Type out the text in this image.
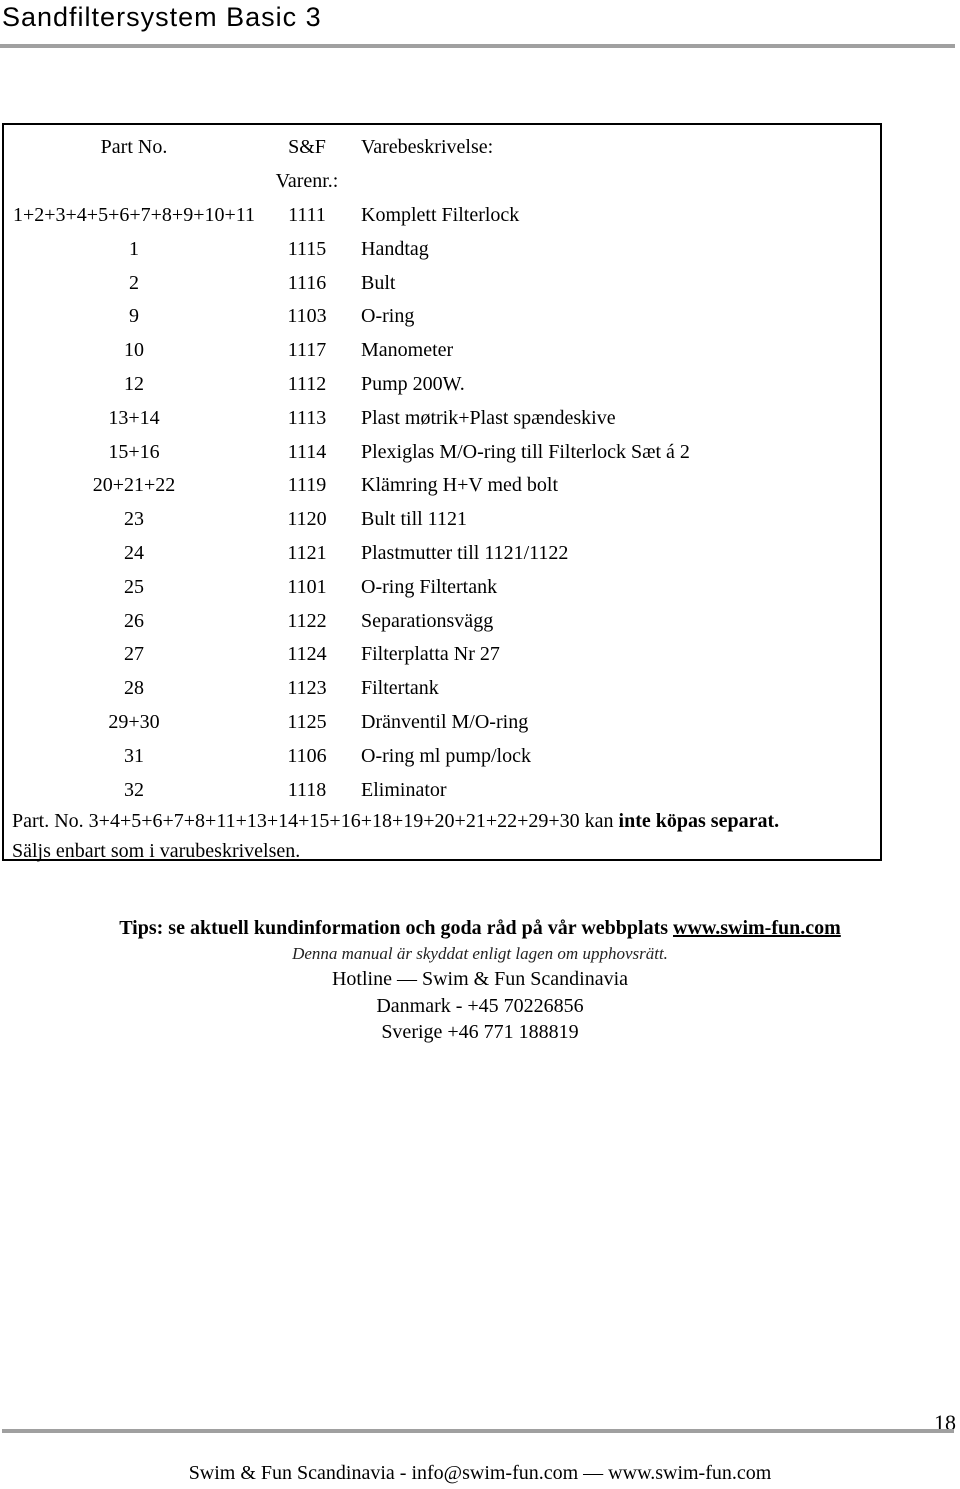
Sandfiltersystem Basic 3
Part No.	S&F	Varebeskrivelse:
Varenr.:
1+2+3+4+5+6+7+8+9+10+11	1111	Komplett Filterlock
1	1115	Handtag
2	1116	Bult
9	1103	O-ring
10	1117	Manometer
12	1112	Pump 200W.
13+14	1113	Plast møtrik+Plast spændeskive
15+16	1114	Plexiglas M/O-ring till Filterlock Sæt á 2
20+21+22	1119	Klämring H+V med bolt
23	1120	Bult till 1121
24	1121	Plastmutter till 1121/1122
25	1101	O-ring Filtertank
26	1122	Separationsvägg
27	1124	Filterplatta Nr 27
28	1123	Filtertank
29+30	1125	Dränventil M/O-ring
31	1106	O-ring ml pump/lock
32	1118	Eliminator
Part. No. 3+4+5+6+7+8+11+13+14+15+16+18+19+20+21+22+29+30 kan inte köpas separat.
Säljs enbart som i varubeskrivelsen.
Tips: se aktuell kundinformation och goda råd på vår webbplats www.swim-fun.com
Denna manual är skyddat enligt lagen om upphovsrätt.
Hotline — Swim & Fun Scandinavia
Danmark - +45 70226856
Sverige +46 771 188819
18
Swim & Fun Scandinavia - info@swim-fun.com — www.swim-fun.com
